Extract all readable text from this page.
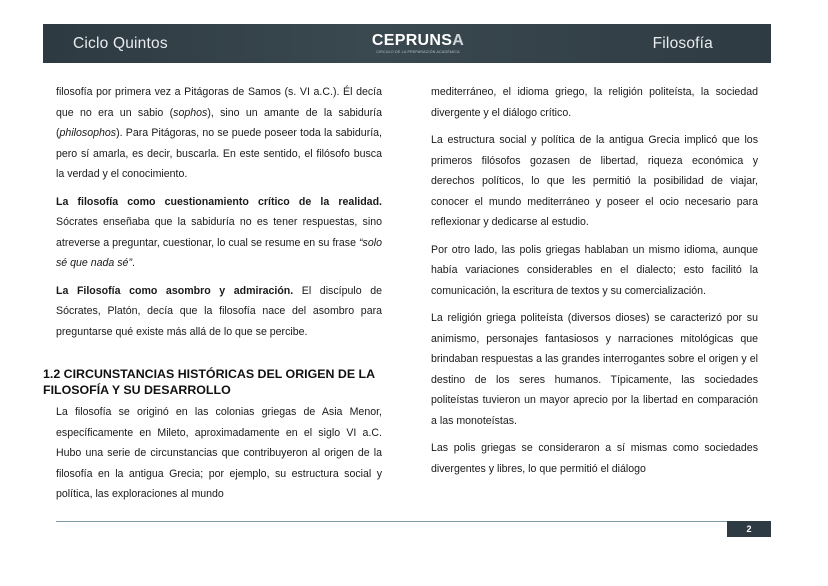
Ciclo Quintos	CEPRUNSA
CIRCULO DE LA PREPARACIÓN ACADÉMICA	Filosofía

filosofía por primera vez a Pitágoras de Samos (s. VI a.C.). Él decía que no era un sabio (sophos), sino un amante de la sabiduría (philosophos). Para Pitágoras, no se puede poseer toda la sabiduría, pero sí amarla, es decir, buscarla. En este sentido, el filósofo busca la verdad y el conocimiento.

La filosofía como cuestionamiento crítico de la realidad. Sócrates enseñaba que la sabiduría no es tener respuestas, sino atreverse a preguntar, cuestionar, lo cual se resume en su frase “solo sé que nada sé”.

La Filosofía como asombro y admiración. El discípulo de Sócrates, Platón, decía que la filosofía nace del asombro para preguntarse qué existe más allá de lo que se percibe.

1.2 CIRCUNSTANCIAS HISTÓRICAS DEL ORIGEN DE LA FILOSOFÍA Y SU DESARROLLO

La filosofía se originó en las colonias griegas de Asia Menor, específicamente en Mileto, aproximadamente en el siglo VI a.C. Hubo una serie de circunstancias que contribuyeron al origen de la filosofía en la antigua Grecia; por ejemplo, su estructura social y política, las exploraciones al mundo

mediterráneo, el idioma griego, la religión politeísta, la sociedad divergente y el diálogo crítico.

La estructura social y política de la antigua Grecia implicó que los primeros filósofos gozasen de libertad, riqueza económica y derechos políticos, lo que les permitió la posibilidad de viajar, conocer el mundo mediterráneo y poseer el ocio necesario para reflexionar y dedicarse al estudio.

Por otro lado, las polis griegas hablaban un mismo idioma, aunque había variaciones considerables en el dialecto; esto facilitó la comunicación, la escritura de textos y su comercialización.

La religión griega politeísta (diversos dioses) se caracterizó por su animismo, personajes fantasiosos y narraciones mitológicas que brindaban respuestas a las grandes interrogantes sobre el origen y el destino de los seres humanos. Típicamente, las sociedades politeístas tuvieron un mayor aprecio por la libertad en comparación a las monoteístas.

Las polis griegas se consideraron a sí mismas como sociedades divergentes y libres, lo que permitió el diálogo

2
